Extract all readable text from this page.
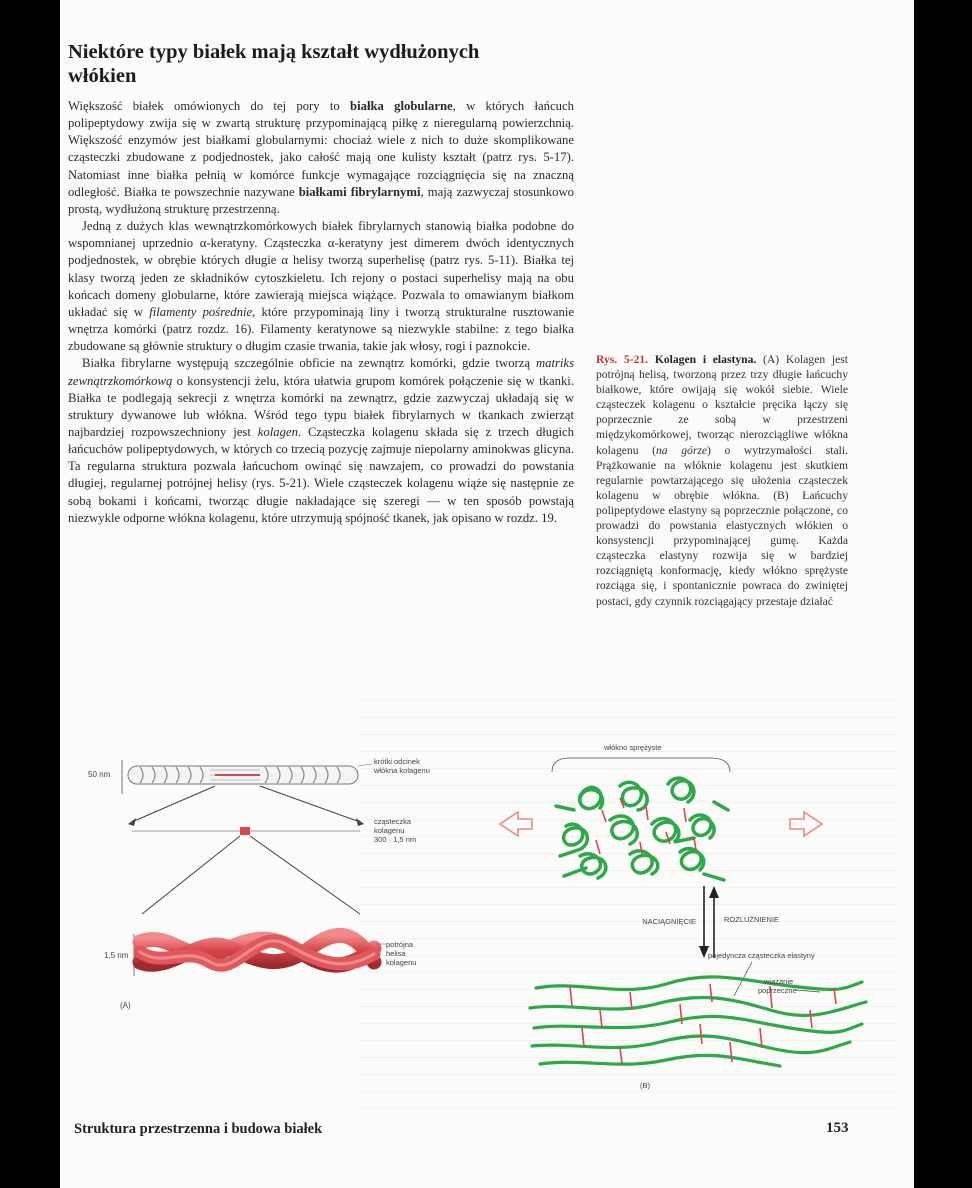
Niektóre typy białek mają kształt wydłużonych włókien

Większość białek omówionych do tej pory to białka globularne, w których łańcuch polipeptydowy zwija się w zwartą strukturę przypominającą piłkę z nieregularną powierzchnią. Większość enzymów jest białkami globularnymi: chociaż wiele z nich to duże skomplikowane cząsteczki zbudowane z podjednostek, jako całość mają one kulisty kształt (patrz rys. 5-17). Natomiast inne białka pełnią w komórce funkcje wymagające rozciągnięcia się na znaczną odległość. Białka te powszechnie nazywane białkami fibrylarnymi, mają zazwyczaj stosunkowo prostą, wydłużoną strukturę przestrzenną.

Jedną z dużych klas wewnątrzkomórkowych białek fibrylarnych stanowią białka podobne do wspomnianej uprzednio α-keratyny. Cząsteczka α-keratyny jest dimerem dwóch identycznych podjednostek, w obrębie których długie α helisy tworzą superhelisę (patrz rys. 5-11). Białka tej klasy tworzą jeden ze składników cytoszkieletu. Ich rejony o postaci superhelisy mają na obu końcach domeny globularne, które zawierają miejsca wiążące. Pozwala to omawianym białkom układać się w filamenty pośrednie, które przypominają liny i tworzą strukturalne rusztowanie wnętrza komórki (patrz rozdz. 16). Filamenty keratynowe są niezwykle stabilne: z tego białka zbudowane są głównie struktury o długim czasie trwania, takie jak włosy, rogi i paznokcie.

Białka fibrylarne występują szczególnie obficie na zewnątrz komórki, gdzie tworzą matriks zewnątrzkomórkową o konsystencji żelu, która ułatwia grupom komórek połączenie się w tkanki. Białka te podlegają sekrecji z wnętrza komórki na zewnątrz, gdzie zazwyczaj układają się w struktury dywanowe lub włókna. Wśród tego typu białek fibrylarnych w tkankach zwierząt najbardziej rozpowszechniony jest kolagen. Cząsteczka kolagenu składa się z trzech długich łańcuchów polipeptydowych, w których co trzecią pozycję zajmuje niepolarny aminokwas glicyna. Ta regularna struktura pozwala łańcuchom owinąć się nawzajem, co prowadzi do powstania długiej, regularnej potrójnej helisy (rys. 5-21). Wiele cząsteczek kolagenu wiąże się następnie ze sobą bokami i końcami, tworząc długie nakładające się szeregi — w ten sposób powstają niezwykle odporne włókna kolagenu, które utrzymują spójność tkanek, jak opisano w rozdz. 19.

Rys. 5-21. Kolagen i elastyna. (A) Kolagen jest potrójną helisą, tworzoną przez trzy długie łańcuchy białkowe, które owijają się wokół siebie. Wiele cząsteczek kolagenu o kształcie pręcika łączy się poprzecznie ze sobą w przestrzeni międzykomórkowej, tworząc nierozciągliwe włókna kolagenu (na górze) o wytrzymałości stali. Prążkowanie na włóknie kolagenu jest skutkiem regularnie powtarzającego się ułożenia cząsteczek kolagenu w obrębie włókna. (B) Łańcuchy polipeptydowe elastyny są poprzecznie połączone, co prowadzi do powstania elastycznych włókien o konsystencji przypominającej gumę. Każda cząsteczka elastyny rozwija się w bardziej rozciągniętą konformację, kiedy włókno sprężyste rozciąga się, i spontanicznie powraca do zwiniętej postaci, gdy czynnik rozciągający przestaje działać
50 nm
krótki odcinek
włókna kolagenu
cząsteczka
kolagenu
300 · 1,5 nm
1,5 nm
potrójna
helisa
kolagenu
(A)
włókno sprężyste
NACIĄGNIĘCIE	ROZLUŹNIENIE
pojedyncza cząsteczka elastyny
wiązanie
poprzeczne
(B)
Struktura przestrzenna i budowa białek	153
